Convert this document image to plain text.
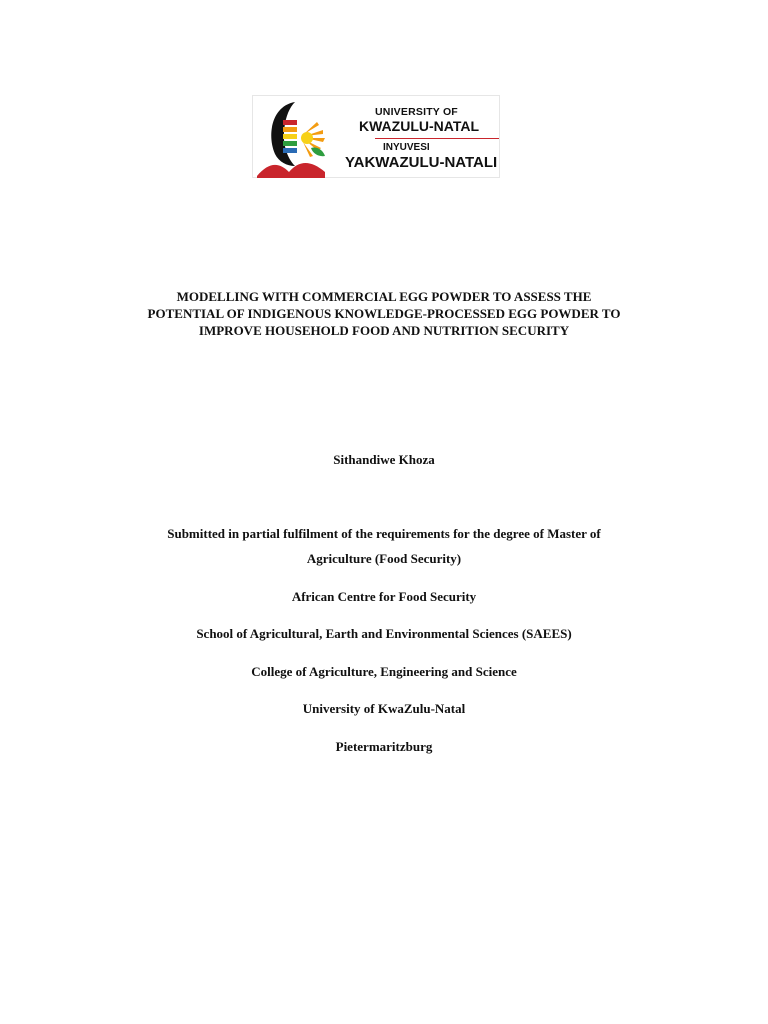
UNIVERSITY OF
KWAZULU-NATAL
INYUVESI
YAKWAZULU-NATALI
MODELLING WITH COMMERCIAL EGG POWDER TO ASSESS THE
POTENTIAL OF INDIGENOUS KNOWLEDGE-PROCESSED EGG POWDER TO
IMPROVE HOUSEHOLD FOOD AND NUTRITION SECURITY

Sithandiwe Khoza

Submitted in partial fulfilment of the requirements for the degree of Master of

Agriculture (Food Security)

African Centre for Food Security

School of Agricultural, Earth and Environmental Sciences (SAEES)

College of Agriculture, Engineering and Science

University of KwaZulu-Natal

Pietermaritzburg
